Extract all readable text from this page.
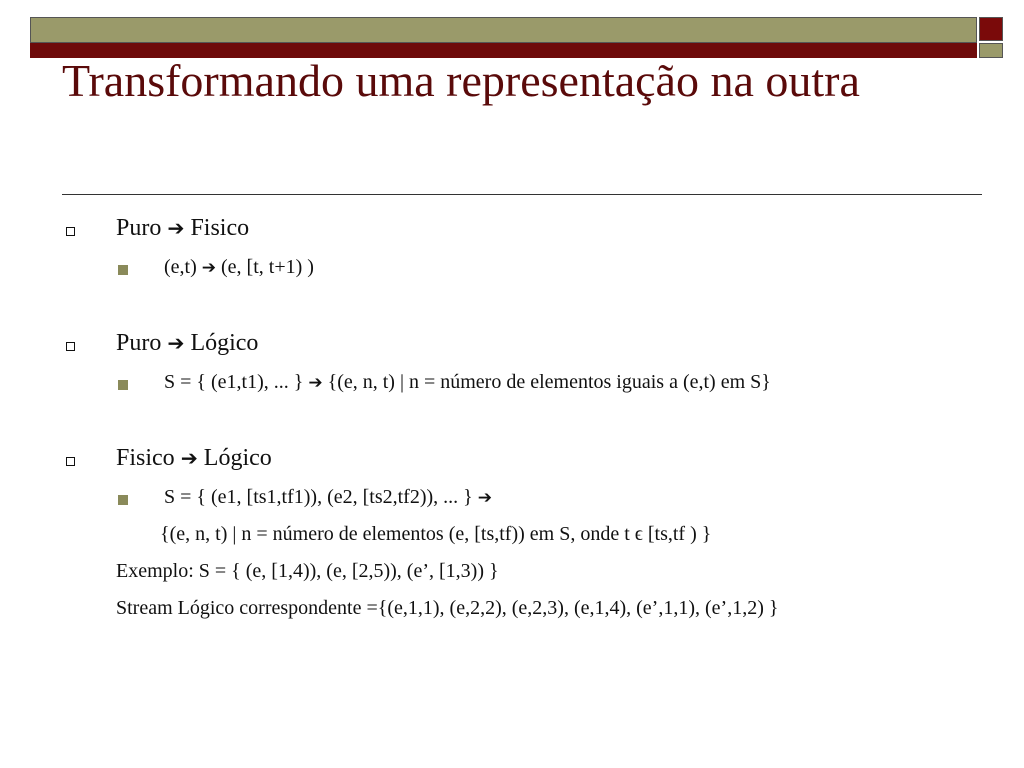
Transformando uma representação na outra
Puro ➔ Fisico
(e,t) ➔ (e, [t, t+1) )
Puro ➔ Lógico
S = { (e1,t1), ... } ➔ {(e, n, t) | n = número de elementos iguais a (e,t) em S}
Fisico ➔ Lógico
S = { (e1, [ts1,tf1)), (e2, [ts2,tf2)), ... } ➔
{(e, n, t) | n = número de elementos (e, [ts,tf)) em S, onde t ϵ [ts,tf ) }
Exemplo: S = { (e, [1,4)), (e, [2,5)), (e’, [1,3)) }
Stream Lógico correspondente ={(e,1,1), (e,2,2), (e,2,3), (e,1,4), (e’,1,1), (e’,1,2) }
